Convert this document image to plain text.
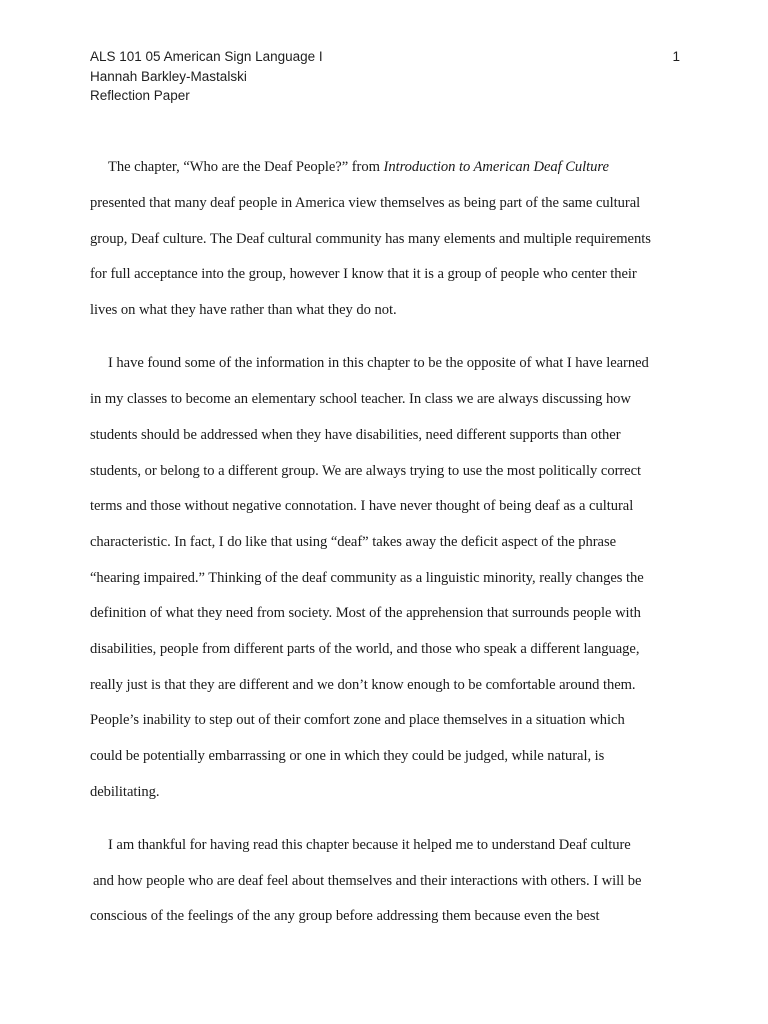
ALS 101 05 American Sign Language I
Hannah Barkley-Mastalski
Reflection Paper
1
The chapter, “Who are the Deaf People?” from Introduction to American Deaf Culture
presented that many deaf people in America view themselves as being part of the same cultural
group, Deaf culture. The Deaf cultural community has many elements and multiple requirements
for full acceptance into the group, however I know that it is a group of people who center their
lives on what they have rather than what they do not.
I have found some of the information in this chapter to be the opposite of what I have learned
in my classes to become an elementary school teacher. In class we are always discussing how
students should be addressed when they have disabilities, need different supports than other
students, or belong to a different group. We are always trying to use the most politically correct
terms and those without negative connotation. I have never thought of being deaf as a cultural
characteristic. In fact, I do like that using “deaf” takes away the deficit aspect of the phrase
“hearing impaired.” Thinking of the deaf community as a linguistic minority, really changes the
definition of what they need from society. Most of the apprehension that surrounds people with
disabilities, people from different parts of the world, and those who speak a different language,
really just is that they are different and we don’t know enough to be comfortable around them.
People’s inability to step out of their comfort zone and place themselves in a situation which
could be potentially embarrassing or one in which they could be judged, while natural, is
debilitating.
I am thankful for having read this chapter because it helped me to understand Deaf culture
and how people who are deaf feel about themselves and their interactions with others. I will be
conscious of the feelings of the any group before addressing them because even the best
